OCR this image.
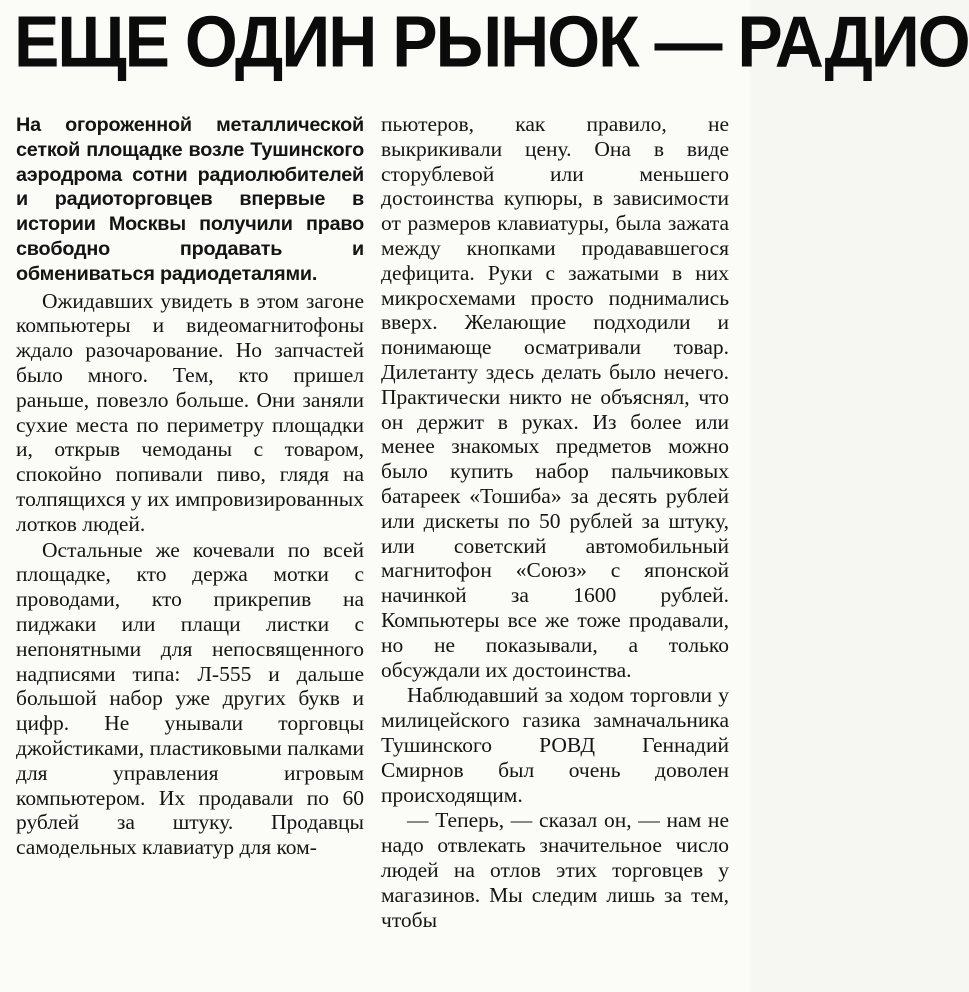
ЕЩЕ ОДИН РЫНОК — РАДИО

На огороженной металлической сеткой площадке возле Тушинского аэродрома сотни радиолюбителей и радиоторговцев впервые в истории Москвы получили право свободно продавать и обмениваться радиодеталями.

Ожидавших увидеть в этом загоне компьютеры и видеомагнитофоны ждало разочарование. Но запчастей было много. Тем, кто пришел раньше, повезло больше. Они заняли сухие места по периметру площадки и, открыв чемоданы с товаром, спокойно попивали пиво, глядя на толпящихся у их импровизированных лотков людей.

Остальные же кочевали по всей площадке, кто держа мотки с проводами, кто прикрепив на пиджаки или плащи листки с непонятными для непосвященного надписями типа: Л-555 и дальше большой набор уже других букв и цифр. Не унывали торговцы джойстиками, пластиковыми палками для управления игровым компьютером. Их продавали по 60 рублей за штуку. Продавцы самодельных клавиатур для ком-

пьютеров, как правило, не выкрикивали цену. Она в виде сторублевой или меньшего достоинства купюры, в зависимости от размеров клавиатуры, была зажата между кнопками продававшегося дефицита. Руки с зажатыми в них микросхемами просто поднимались вверх. Желающие подходили и понимающе осматривали товар. Дилетанту здесь делать было нечего. Практически никто не объяснял, что он держит в руках. Из более или менее знакомых предметов можно было купить набор пальчиковых батареек «Тошиба» за десять рублей или дискеты по 50 рублей за штуку, или советский автомобильный магнитофон «Союз» с японской начинкой за 1600 рублей. Компьютеры все же тоже продавали, но не показывали, а только обсуждали их достоинства.

Наблюдавший за ходом торговли у милицейского газика замначальника Тушинского РОВД Геннадий Смирнов был очень доволен происходящим.

— Теперь, — сказал он, — нам не надо отвлекать значительное число людей на отлов этих торговцев у магазинов. Мы следим лишь за тем, чтобы
